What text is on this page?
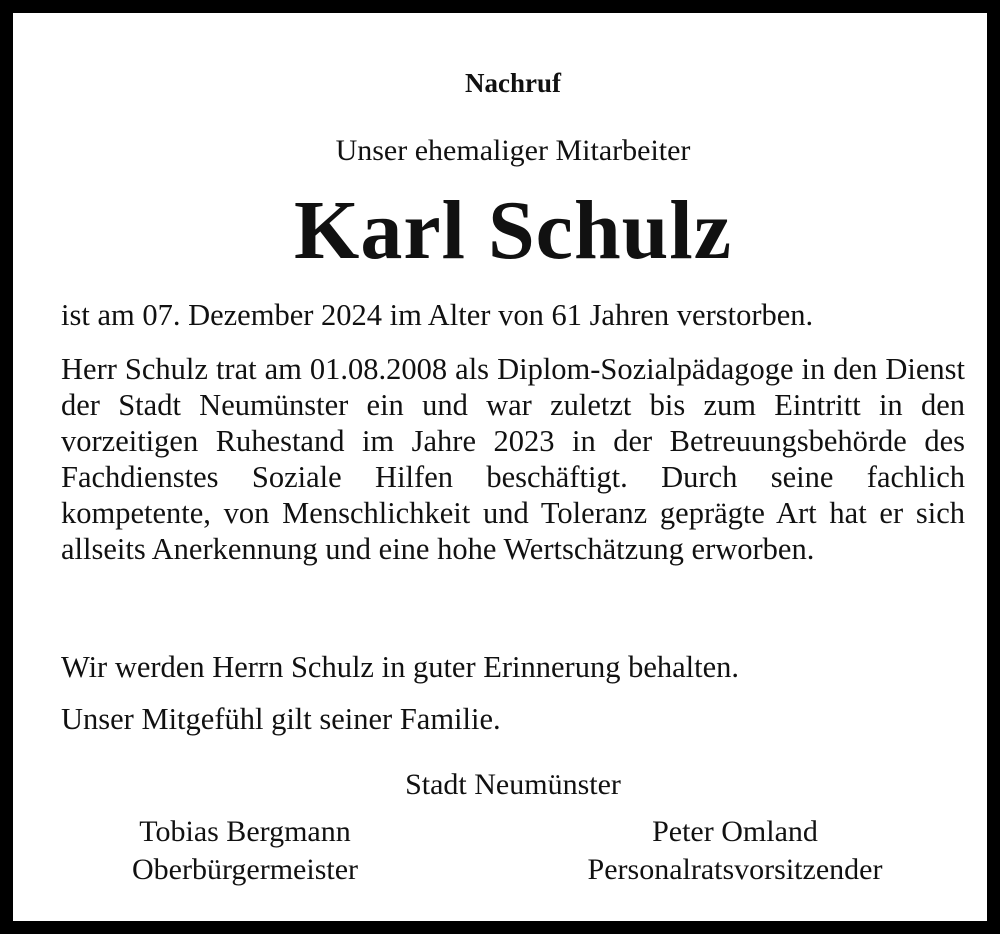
Nachruf
Unser ehemaliger Mitarbeiter
Karl Schulz
ist am 07. Dezember 2024 im Alter von 61 Jahren verstorben.
Herr Schulz trat am 01.08.2008 als Diplom-Sozialpädagoge in den Dienst der Stadt Neumünster ein und war zuletzt bis zum Eintritt in den vorzeitigen Ruhestand im Jahre 2023 in der Betreuungsbehörde des Fachdienstes Soziale Hilfen beschäftigt. Durch seine fachlich kompetente, von Menschlichkeit und Toleranz geprägte Art hat er sich allseits Anerkennung und eine hohe Wertschätzung erworben.
Wir werden Herrn Schulz in guter Erinnerung behalten.
Unser Mitgefühl gilt seiner Familie.
Stadt Neumünster
Tobias Bergmann
Oberbürgermeister
Peter Omland
Personalratsvorsitzender
